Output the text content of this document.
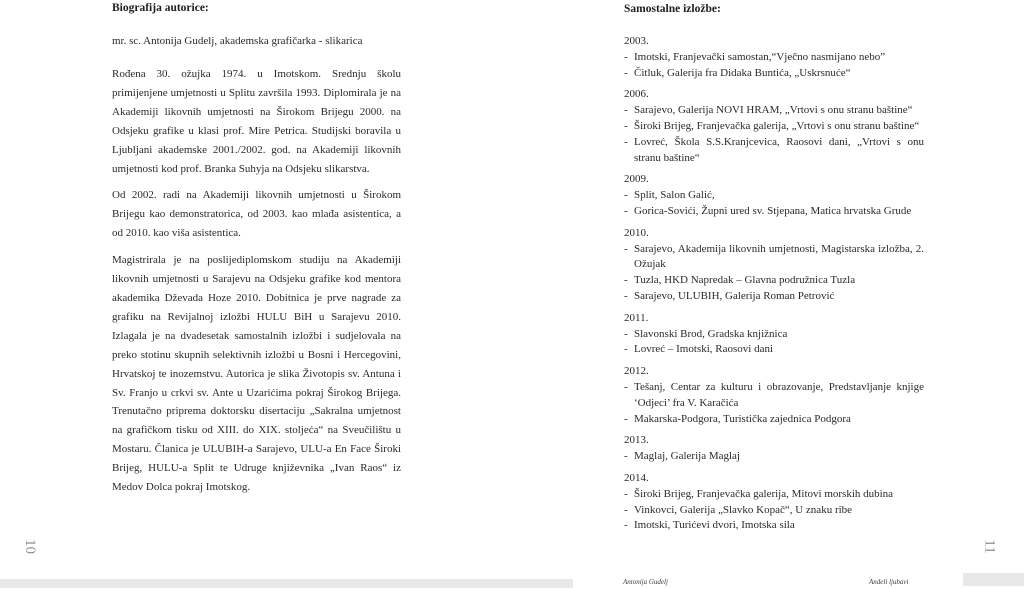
Biografija autorice:
mr. sc. Antonija Gudelj, akademska grafičarka - slikarica

Rođena 30. ožujka 1974. u Imotskom. Srednju školu primijenjene umjetnosti u Splitu završila 1993. Diplomirala je na Akademiji likovnih umjetnosti na Širokom Brijegu 2000. na Odsjeku grafike u klasi prof. Mire Petrica. Studijski boravila u Ljubljani akademske 2001./2002. god. na Akademiji likovnih umjetnosti kod prof. Branka Suhyja na Odsjeku slikarstva.

Od 2002. radi na Akademiji likovnih umjetnosti u Širokom Brijegu kao demonstratorica, od 2003. kao mlađa asistentica, a od 2010. kao viša asistentica.

Magistrirala je na poslijediplomskom studiju na Akademiji likovnih umjetnosti u Sarajevu na Odsjeku grafike kod mentora akademika Dževada Hoze 2010. Dobitnica je prve nagrade za grafiku na Revijalnoj izložbi HULU BiH u Sarajevu 2010. Izlagala je na dvadesetak samostalnih izložbi i sudjelovala na preko stotinu skupnih selektivnih izložbi u Bosni i Hercegovini, Hrvatskoj te inozemstvu. Autorica je slika Životopis sv. Antuna i Sv. Franjo u crkvi sv. Ante u Uzarićima pokraj Širokog Brijega. Trenutačno priprema doktorsku disertaciju „Sakralna umjetnost na grafičkom tisku od XIII. do XIX. stoljeća“ na Sveučilištu u Mostaru. Članica je ULUBIH-a Sarajevo, ULU-a En Face Široki Brijeg, HULU-a Split te Udruge književnika „Ivan Raos“ iz Medov Dolca pokraj Imotskog.

10
Samostalne izložbe:
2003.
- Imotski, Franjevački samostan,“Vječno nasmijano nebo”
- Čitluk, Galerija fra Didaka Buntića, „Uskrsnuće“
2006.
- Sarajevo, Galerija NOVI HRAM, „Vrtovi s onu stranu baštine“
- Široki Brijeg, Franjevačka galerija, „Vrtovi s onu stranu baštine“
- Lovreć, Škola S.S.Kranjcevica, Raosovi dani, „Vrtovi s onu stranu baštine“
2009.
- Split, Salon Galić,
- Gorica-Sovići, Župni ured sv. Stjepana, Matica hrvatska Grude
2010.
- Sarajevo, Akademija likovnih umjetnosti, Magistarska izložba, 2. Ožujak
- Tuzla, HKD Napredak – Glavna podružnica Tuzla
- Sarajevo, ULUBIH, Galerija Roman Petrović
2011.
- Slavonski Brod, Gradska knjižnica
- Lovreć – Imotski, Raosovi dani
2012.
- Tešanj, Centar za kulturu i obrazovanje, Predstavljanje knjige ‘Odjeci’ fra V. Karačića
- Makarska-Podgora, Turistička zajednica Podgora
2013.
- Maglaj, Galerija Maglaj
2014.
- Široki Brijeg, Franjevačka galerija, Mitovi morskih dubina
- Vinkovci, Galerija „Slavko Kopač“, U znaku ribe
- Imotski, Turićevi dvori, Imotska sila
11
Antonija Gudelj	Andeli ljubavi
